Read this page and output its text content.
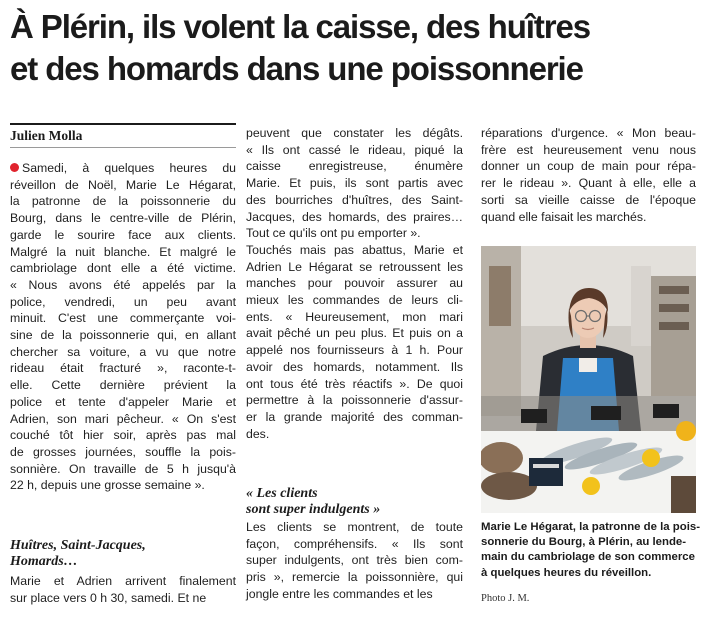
À Plérin, ils volent la caisse, des huîtres
et des homards dans une poissonnerie
Julien Molla
Samedi, à quelques heures du
réveillon de Noël, Marie Le Hégarat,
la patronne de la poissonnerie du
Bourg, dans le centre-ville de Plérin,
garde le sourire face aux clients.
Malgré la nuit blanche. Et malgré le
cambriolage dont elle a été victime.
« Nous avons été appelés par la
police, vendredi, un peu avant
minuit. C'est une commerçante voi-
sine de la poissonnerie qui, en allant
chercher sa voiture, a vu que notre
rideau était fracturé », raconte-t-
elle. Cette dernière prévient la
police et tente d'appeler Marie et
Adrien, son mari pêcheur. « On s'est
couché tôt hier soir, après pas mal
de grosses journées, souffle la pois-
sonnière. On travaille de 5 h jusqu'à
22 h, depuis une grosse semaine ».
Huîtres, Saint-Jacques,
Homards…
Marie et Adrien arrivent finalement
sur place vers 0 h 30, samedi. Et ne
peuvent que constater les dégâts.
« Ils ont cassé le rideau, piqué la
caisse enregistreuse, énumère
Marie. Et puis, ils sont partis avec
des bourriches d'huîtres, des Saint-
Jacques, des homards, des praires…
Tout ce qu'ils ont pu emporter ».
Touchés mais pas abattus, Marie et
Adrien Le Hégarat se retroussent les
manches pour pouvoir assurer au
mieux les commandes de leurs cli-
ents. « Heureusement, mon mari
avait pêché un peu plus. Et puis on a
appelé nos fournisseurs à 1 h. Pour
avoir des homards, notamment. Ils
ont tous été très réactifs ». De quoi
permettre à la poissonnerie d'assur-
er la grande majorité des comman-
des.
« Les clients
sont super indulgents »
Les clients se montrent, de toute
façon, compréhensifs. « Ils sont
super indulgents, ont très bien com-
pris », remercie la poissonnière, qui
jongle entre les commandes et les
réparations d'urgence. « Mon beau-
frère est heureusement venu nous
donner un coup de main pour répa-
rer le rideau ». Quant à elle, elle a
sorti sa vieille caisse de l'époque
quand elle faisait les marchés.
Marie Le Hégarat, la patronne de la pois-
sonnerie du Bourg, à Plérin, au lende-
main du cambriolage de son commerce
à quelques heures du réveillon.
Photo J. M.
